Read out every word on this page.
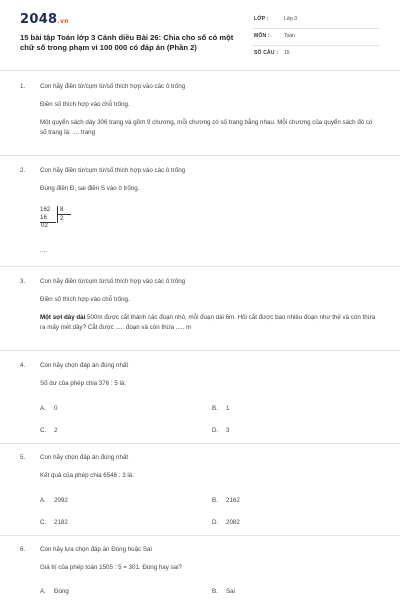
2048.vn
15 bài tập Toán lớp 3 Cánh diều Bài 26: Chia cho số có một chữ số trong phạm vi 100 000 có đáp án (Phần 2)
LỚP :	Lớp 3
MÔN :	Toán
SỐ CÂU : 15
1. Con hãy điền từ/cụm từ/số thích hợp vào các ô trống
Điền số thích hợp vào chỗ trống.
Một quyển sách dày 306 trang và gồm 9 chương, mỗi chương có số trang bằng nhau. Mỗi chương của quyển sách đó có số trang là: .... trang
2. Con hãy điền từ/cụm từ/số thích hợp vào các ô trống
Đúng điền Đ, sai điền S vào ô trống.
162	8
16	2
02
....
3. Con hãy điền từ/cụm từ/số thích hợp vào các ô trống
Điền số thích hợp vào chỗ trống.
Một sợi dây dài 500m được cắt thành các đoạn nhỏ, mỗi đoạn dài 6m. Hỏi cắt được bao nhiêu đoạn như thế và còn thừa ra mấy mét dây? Cắt được ..... đoạn và còn thừa ..... m
4. Con hãy chọn đáp án đúng nhất
Số dư của phép chia 376 : 5 là:
A. 0	B. 1
C. 2	D. 3
5. Con hãy chọn đáp án đúng nhất
Kết quả của phép chia 6546 : 3 là:
A. 2092	B. 2162
C. 2182	D. 2082
6. Con hãy lựa chọn đáp án Đúng hoặc Sai
Giá trị của phép toán 1505 : 5 = 301. Đúng hay sai?
A. Đúng	B. Sai
